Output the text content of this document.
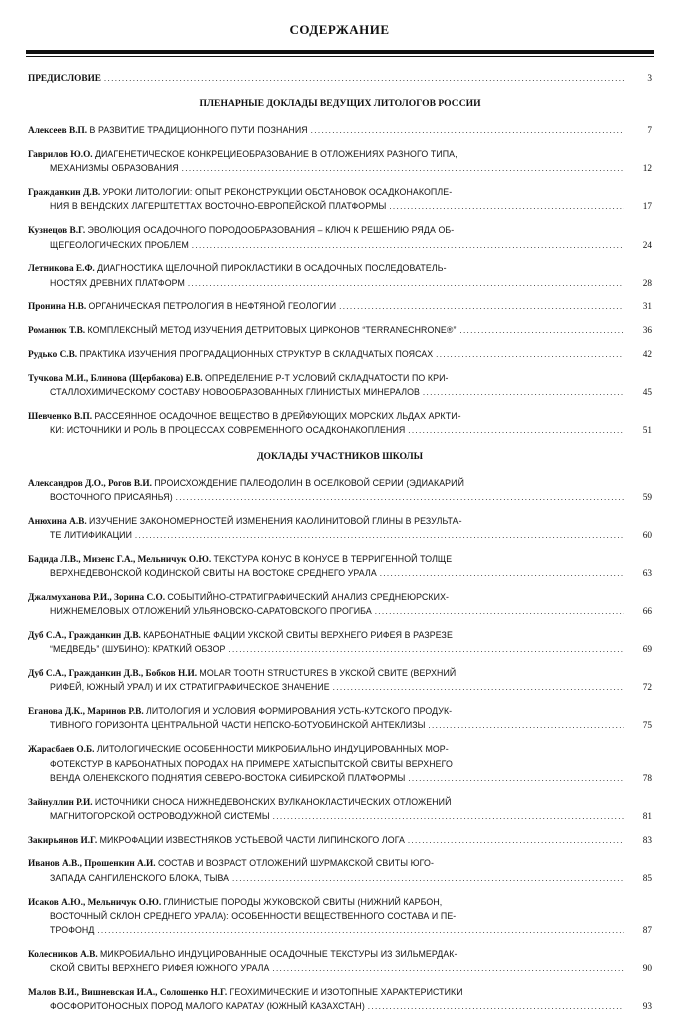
СОДЕРЖАНИЕ
ПРЕДИСЛОВИЕ .....	3
ПЛЕНАРНЫЕ ДОКЛАДЫ ВЕДУЩИХ ЛИТОЛОГОВ РОССИИ
Алексеев В.П. В РАЗВИТИЕ ТРАДИЦИОННОГО ПУТИ ПОЗНАНИЯ .....	7
Гаврилов Ю.О. ДИАГЕНЕТИЧЕСКОЕ КОНКРЕЦИЕОБРАЗОВАНИЕ В ОТЛОЖЕНИЯХ РАЗНОГО ТИПА,
МЕХАНИЗМЫ ОБРАЗОВАНИЯ .....	12
Гражданкин Д.В. УРОКИ ЛИТОЛОГИИ: ОПЫТ РЕКОНСТРУКЦИИ ОБСТАНОВОК ОСАДКОНАКОПЛЕ-
НИЯ В ВЕНДСКИХ ЛАГЕРШТЕТТАХ ВОСТОЧНО-ЕВРОПЕЙСКОЙ ПЛАТФОРМЫ .....	17
Кузнецов В.Г. ЭВОЛЮЦИЯ ОСАДОЧНОГО ПОРОДООБРАЗОВАНИЯ – КЛЮЧ К РЕШЕНИЮ РЯДА ОБ-
ЩЕГЕОЛОГИЧЕСКИХ ПРОБЛЕМ .....	24
Летникова Е.Ф. ДИАГНОСТИКА ЩЕЛОЧНОЙ ПИРОКЛАСТИКИ В ОСАДОЧНЫХ ПОСЛЕДОВАТЕЛЬ-
НОСТЯХ ДРЕВНИХ ПЛАТФОРМ .....	28
Пронина Н.В. ОРГАНИЧЕСКАЯ ПЕТРОЛОГИЯ В НЕФТЯНОЙ ГЕОЛОГИИ .....	31
Романюк Т.В. КОМПЛЕКСНЫЙ МЕТОД ИЗУЧЕНИЯ ДЕТРИТОВЫХ ЦИРКОНОВ “TERRANECHRONE®” .....	36
Рудько С.В. ПРАКТИКА ИЗУЧЕНИЯ ПРОГРАДАЦИОННЫХ СТРУКТУР В СКЛАДЧАТЫХ ПОЯСАХ .....	42
Тучкова М.И., Блинова (Щербакова) Е.В. ОПРЕДЕЛЕНИЕ Р-Т УСЛОВИЙ СКЛАДЧАТОСТИ ПО КРИ-
СТАЛЛОХИМИЧЕСКОМУ СОСТАВУ НОВООБРАЗОВАННЫХ ГЛИНИСТЫХ МИНЕРАЛОВ .....	45
Шевченко В.П. РАССЕЯННОЕ ОСАДОЧНОЕ ВЕЩЕСТВО В ДРЕЙФУЮЩИХ МОРСКИХ ЛЬДАХ АРКТИ-
КИ: ИСТОЧНИКИ И РОЛЬ В ПРОЦЕССАХ СОВРЕМЕННОГО ОСАДКОНАКОПЛЕНИЯ .....	51
ДОКЛАДЫ УЧАСТНИКОВ ШКОЛЫ
Александров Д.О., Рогов В.И. ПРОИСХОЖДЕНИЕ ПАЛЕОДОЛИН В ОСЕЛКОВОЙ СЕРИИ (ЭДИАКАРИЙ
ВОСТОЧНОГО ПРИСАЯНЬЯ) .....	59
Анюхина А.В. ИЗУЧЕНИЕ ЗАКОНОМЕРНОСТЕЙ ИЗМЕНЕНИЯ КАОЛИНИТОВОЙ ГЛИНЫ В РЕЗУЛЬТА-
ТЕ ЛИТИФИКАЦИИ .....	60
Бадида Л.В., Мизенс Г.А., Мельничук О.Ю. ТЕКСТУРА КОНУС В КОНУСЕ В ТЕРРИГЕННОЙ ТОЛЩЕ
ВЕРХНЕДЕВОНСКОЙ КОДИНСКОЙ СВИТЫ НА ВОСТОКЕ СРЕДНЕГО УРАЛА .....	63
Джалмуханова Р.И., Зорина С.О. СОБЫТИЙНО-СТРАТИГРАФИЧЕСКИЙ АНАЛИЗ СРЕДНЕЮРСКИХ-
НИЖНЕМЕЛОВЫХ ОТЛОЖЕНИЙ УЛЬЯНОВСКО-САРАТОВСКОГО ПРОГИБА .....	66
Дуб С.А., Гражданкин Д.В. КАРБОНАТНЫЕ ФАЦИИ УКСКОЙ СВИТЫ ВЕРХНЕГО РИФЕЯ В РАЗРЕЗЕ
“МЕДВЕДЬ” (ШУБИНО): КРАТКИЙ ОБЗОР .....	69
Дуб С.А., Гражданкин Д.В., Бобков Н.И. MOLAR TOOTH STRUCTURES В УКСКОЙ СВИТЕ (ВЕРХНИЙ
РИФЕЙ, ЮЖНЫЙ УРАЛ) И ИХ СТРАТИГРАФИЧЕСКОЕ ЗНАЧЕНИЕ .....	72
Еганова Д.К., Маринов Р.В. ЛИТОЛОГИЯ И УСЛОВИЯ ФОРМИРОВАНИЯ УСТЬ-КУТСКОГО ПРОДУК-
ТИВНОГО ГОРИЗОНТА ЦЕНТРАЛЬНОЙ ЧАСТИ НЕПСКО-БОТУОБИНСКОЙ АНТЕКЛИЗЫ .....	75
Жарасбаев О.Б. ЛИТОЛОГИЧЕСКИЕ ОСОБЕННОСТИ МИКРОБИАЛЬНО ИНДУЦИРОВАННЫХ МОР-
ФОТЕКСТУР В КАРБОНАТНЫХ ПОРОДАХ НА ПРИМЕРЕ ХАТЫСПЫТСКОЙ СВИТЫ ВЕРХНЕГО
ВЕНДА ОЛЕНЕКСКОГО ПОДНЯТИЯ СЕВЕРО-ВОСТОКА СИБИРСКОЙ ПЛАТФОРМЫ .....	78
Зайнуллин Р.И. ИСТОЧНИКИ СНОСА НИЖНЕДЕВОНСКИХ ВУЛКАНОКЛАСТИЧЕСКИХ ОТЛОЖЕНИЙ
МАГНИТОГОРСКОЙ ОСТРОВОДУЖНОЙ СИСТЕМЫ .....	81
Закирьянов И.Г. МИКРОФАЦИИ ИЗВЕСТНЯКОВ УСТЬЕВОЙ ЧАСТИ ЛИПИНСКОГО ЛОГА .....	83
Иванов А.В., Прошенкин А.И. СОСТАВ И ВОЗРАСТ ОТЛОЖЕНИЙ ШУРМАКСКОЙ СВИТЫ ЮГО-
ЗАПАДА САНГИЛЕНСКОГО БЛОКА, ТЫВА .....	85
Исаков А.Ю., Мельничук О.Ю. ГЛИНИСТЫЕ ПОРОДЫ ЖУКОВСКОЙ СВИТЫ (НИЖНИЙ КАРБОН,
ВОСТОЧНЫЙ СКЛОН СРЕДНЕГО УРАЛА): ОСОБЕННОСТИ ВЕЩЕСТВЕННОГО СОСТАВА И ПЕ-
ТРОФОНД .....	87
Колесников А.В. МИКРОБИАЛЬНО ИНДУЦИРОВАННЫЕ ОСАДОЧНЫЕ ТЕКСТУРЫ ИЗ ЗИЛЬМЕРДАК-
СКОЙ СВИТЫ ВЕРХНЕГО РИФЕЯ ЮЖНОГО УРАЛА .....	90
Малов В.И., Вишневская И.А., Солошенко Н.Г. ГЕОХИМИЧЕСКИЕ И ИЗОТОПНЫЕ ХАРАКТЕРИСТИКИ
ФОСФОРИТОНОСНЫХ ПОРОД МАЛОГО КАРАТАУ (ЮЖНЫЙ КАЗАХСТАН) .....	93
